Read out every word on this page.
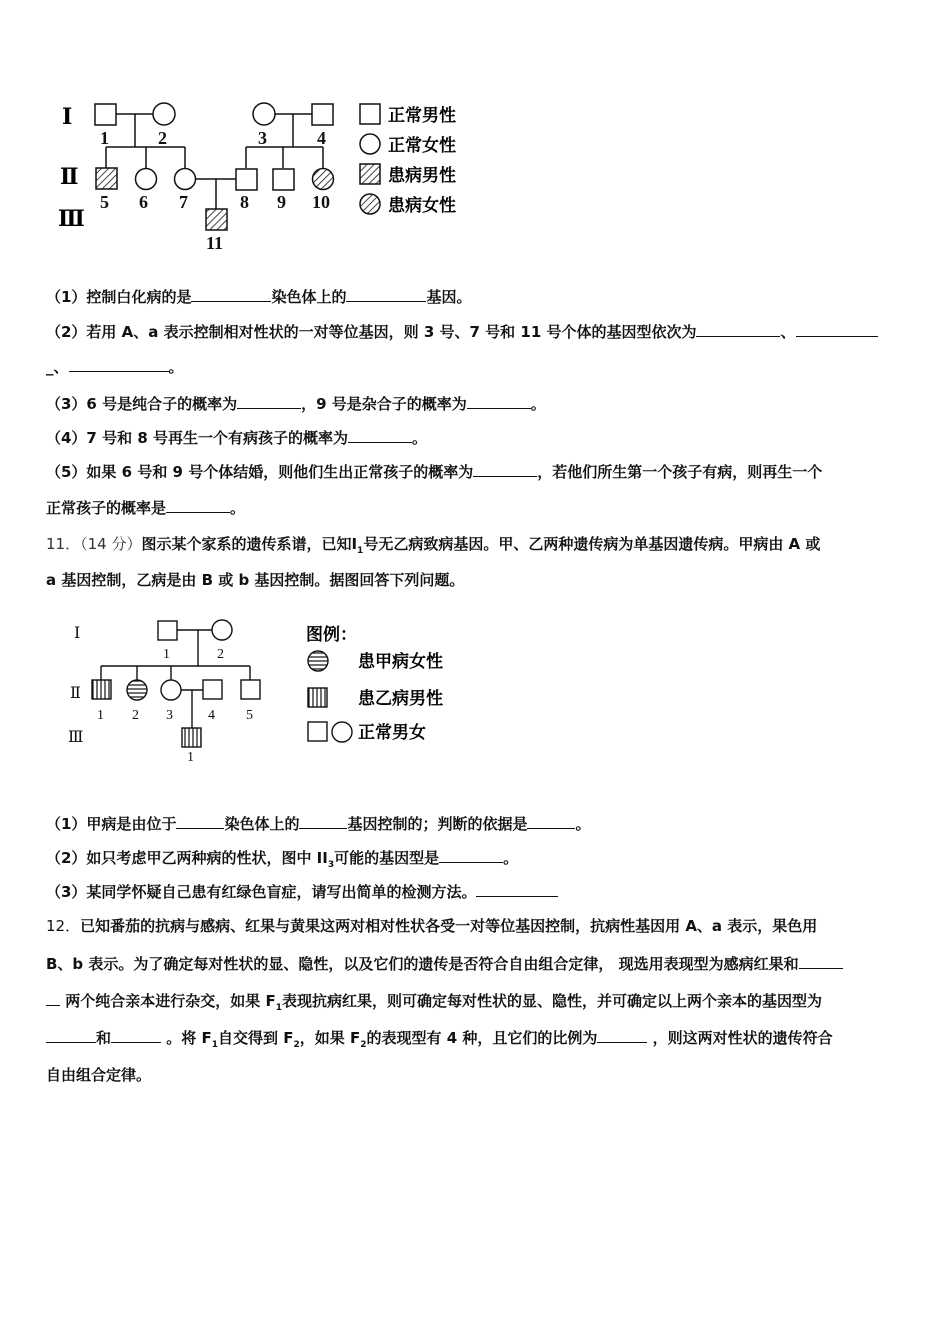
Ⅰ
Ⅱ
Ⅲ
1	2	3	4
5 6 7	8 9 10
11
正常男性
正常女性
患病男性
患病女性
（1）控制白化病的是	染色体上的	基因。
（2）若用 A、a 表示控制相对性状的一对等位基因，则 3 号、7 号和 11 号个体的基因型依次为	、
_、	。
（3）6 号是纯合子的概率为	，9 号是杂合子的概率为	。
（4）7 号和 8 号再生一个有病孩子的概率为	。
（5）如果 6 号和 9 号个体结婚，则他们生出正常孩子的概率为	，若他们所生第一个孩子有病，则再生一个
正常孩子的概率是	。
11．（14 分）图示某个家系的遗传系谱，已知$Ⅰ_1$号无乙病致病基因。甲、乙两种遗传病为单基因遗传病。甲病由 A 或
a 基因控制，乙病是由 B 或 b 基因控制。据图回答下列问题。
Ⅰ
Ⅱ
Ⅲ
1	2
1 2 3	4 5
1
图例：
患甲病女性
患乙病男性
正常男女
（1）甲病是由位于	染色体上的	基因控制的；判断的依据是	。
（2）如只考虑甲乙两种病的性状，图中 $II_3$可能的基因型是	。
（3）某同学怀疑自己患有红绿色盲症，请写出简单的检测方法。
12．已知番茄的抗病与感病、红果与黄果这两对相对性状各受一对等位基因控制，抗病性基因用 A、a 表示，果色用
B、b 表示。为了确定每对性状的显、隐性，以及它们的遗传是否符合自由组合定律， 现选用表现型为感病红果和
两个纯合亲本进行杂交，如果 $F_1$表现抗病红果，则可确定每对性状的显、隐性，并可确定以上两个亲本的基因型为
和	。将 $F_1$自交得到 $F_2$，如果 $F_2$的表现型有 4 种，且它们的比例为	，则这两对性状的遗传符合
自由组合定律。
